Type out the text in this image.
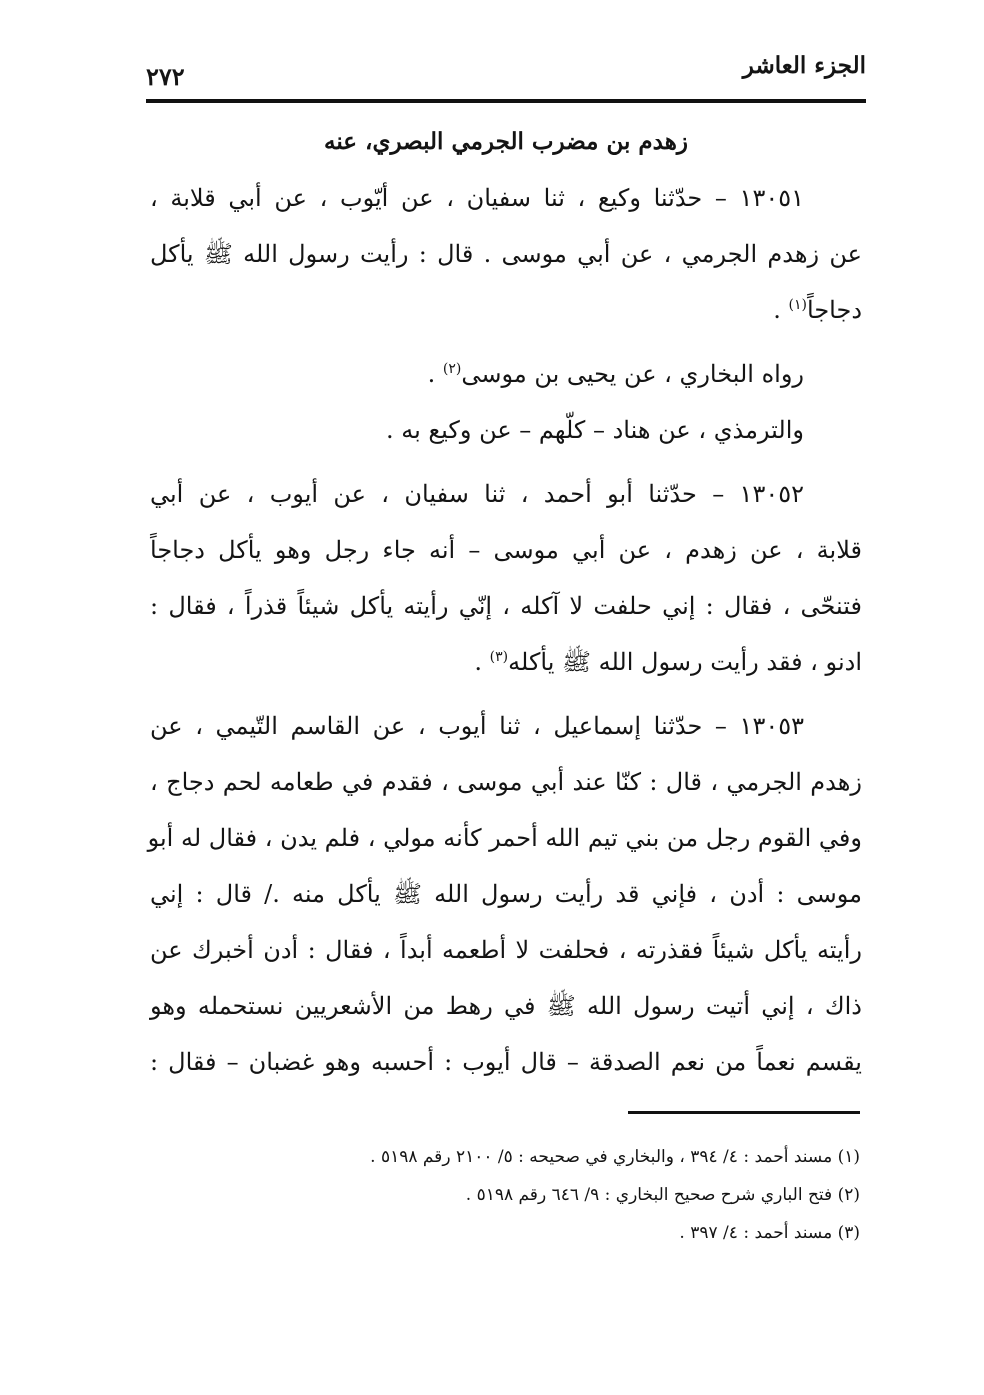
الجزء العاشر
٢٧٢
زهدم بن مضرب الجرمي البصري، عنه
١٣٠٥١ – حدّثنا وكيع ، ثنا سفيان ، عن أيّوب ، عن أبي قلابة ،
عن زهدم الجرمي ، عن أبي موسى . قال : رأيت رسول الله ﷺ يأكل
دجاجاً$^{(١)}$ .
رواه البخاري ، عن يحيى بن موسى$^{(٢)}$ .
والترمذي ، عن هناد – كلّهم – عن وكيع به .
١٣٠٥٢ – حدّثنا أبو أحمد ، ثنا سفيان ، عن أيوب ، عن أبي
قلابة ، عن زهدم ، عن أبي موسى – أنه جاء رجل وهو يأكل دجاجاً
فتنحّى ، فقال : إني حلفت لا آكله ، إنّي رأيته يأكل شيئاً قذراً ، فقال :
ادنو ، فقد رأيت رسول الله ﷺ يأكله$^{(٣)}$ .
١٣٠٥٣ – حدّثنا إسماعيل ، ثنا أيوب ، عن القاسم التّيمي ، عن
زهدم الجرمي ، قال : كنّا عند أبي موسى ، فقدم في طعامه لحم دجاج ،
وفي القوم رجل من بني تيم الله أحمر كأنه مولي ، فلم يدن ، فقال له أبو
موسى : أدن ، فإني قد رأيت رسول الله ﷺ يأكل منه ./ قال : إني
رأيته يأكل شيئاً فقذرته ، فحلفت لا أطعمه أبداً ، فقال : أدن أخبرك عن
ذاك ، إني أتيت رسول الله ﷺ في رهط من الأشعريين نستحمله وهو
يقسم نعماً من نعم الصدقة – قال أيوب : أحسبه وهو غضبان – فقال :
(١) مسند أحمد : ٤/ ٣٩٤ ، والبخاري في صحيحه : ٥/ ٢١٠٠ رقم ٥١٩٨ .
(٢) فتح الباري شرح صحيح البخاري : ٩/ ٦٤٦ رقم ٥١٩٨ .
(٣) مسند أحمد : ٤/ ٣٩٧ .
